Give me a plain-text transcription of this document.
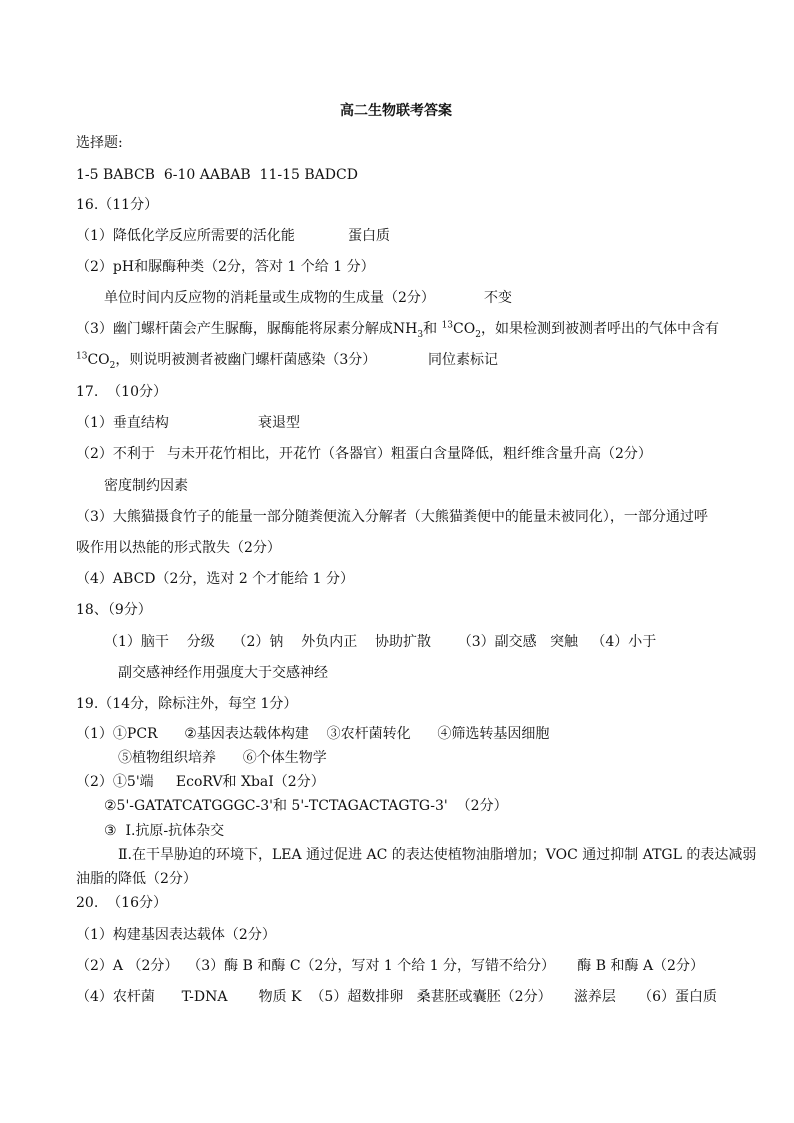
高二生物联考答案
选择题:
1-5 BABCB  6-10 AABAB  11-15 BADCD
16.（11分）
（1）降低化学反应所需要的活化能	蛋白质
（2）pH和脲酶种类（2分，答对 1 个给 1 分）
单位时间内反应物的消耗量或生成物的生成量（2分）	不变
（3）幽门螺杆菌会产生脲酶，脲酶能将尿素分解成$NH_3$和 $^{13}CO_2$，如果检测到被测者呼出的气体中含有
$^{13}CO_2$，则说明被测者被幽门螺杆菌感染（3分）	同位素标记
17.  （10分）
（1）垂直结构	衰退型
（2）不利于 与未开花竹相比，开花竹（各器官）粗蛋白含量降低，粗纤维含量升高（2分）
密度制约因素
（3）大熊猫摄食竹子的能量一部分随粪便流入分解者（大熊猫粪便中的能量未被同化），一部分通过呼
吸作用以热能的形式散失（2分）
（4）ABCD（2分，选对 2 个才能给 1 分）
18、（9分）
（1）脑干    分级    （2）钠    外负内正    协助扩散      （3）副交感   突触   （4）小于
副交感神经作用强度大于交感神经
19.（14分，除标注外，每空 1分）
（1）①PCR      ②基因表达载体构建    ③农杆菌转化      ④筛选转基因细胞
⑤植物组织培养      ⑥个体生物学
（2）①5'端     EcoRV和 XbaI（2分）
②5'-GATATCATGGGC-3'和 5'-TCTAGACTAGTG-3'  （2分）
③  Ⅰ.抗原-抗体杂交
Ⅱ.在干旱胁迫的环境下，LEA 通过促进 AC 的表达使植物油脂增加；VOC 通过抑制 ATGL 的表达减弱
油脂的降低（2分）
20.  （16分）
（1）构建基因表达载体（2分）
（2）A （2分）  （3）酶 B 和酶 C（2分，写对 1 个给 1 分，写错不给分）     酶 B 和酶 A（2分）
（4）农杆菌      T-DNA       物质 K  （5）超数排卵   桑葚胚或囊胚（2分）     滋养层     （6）蛋白质
